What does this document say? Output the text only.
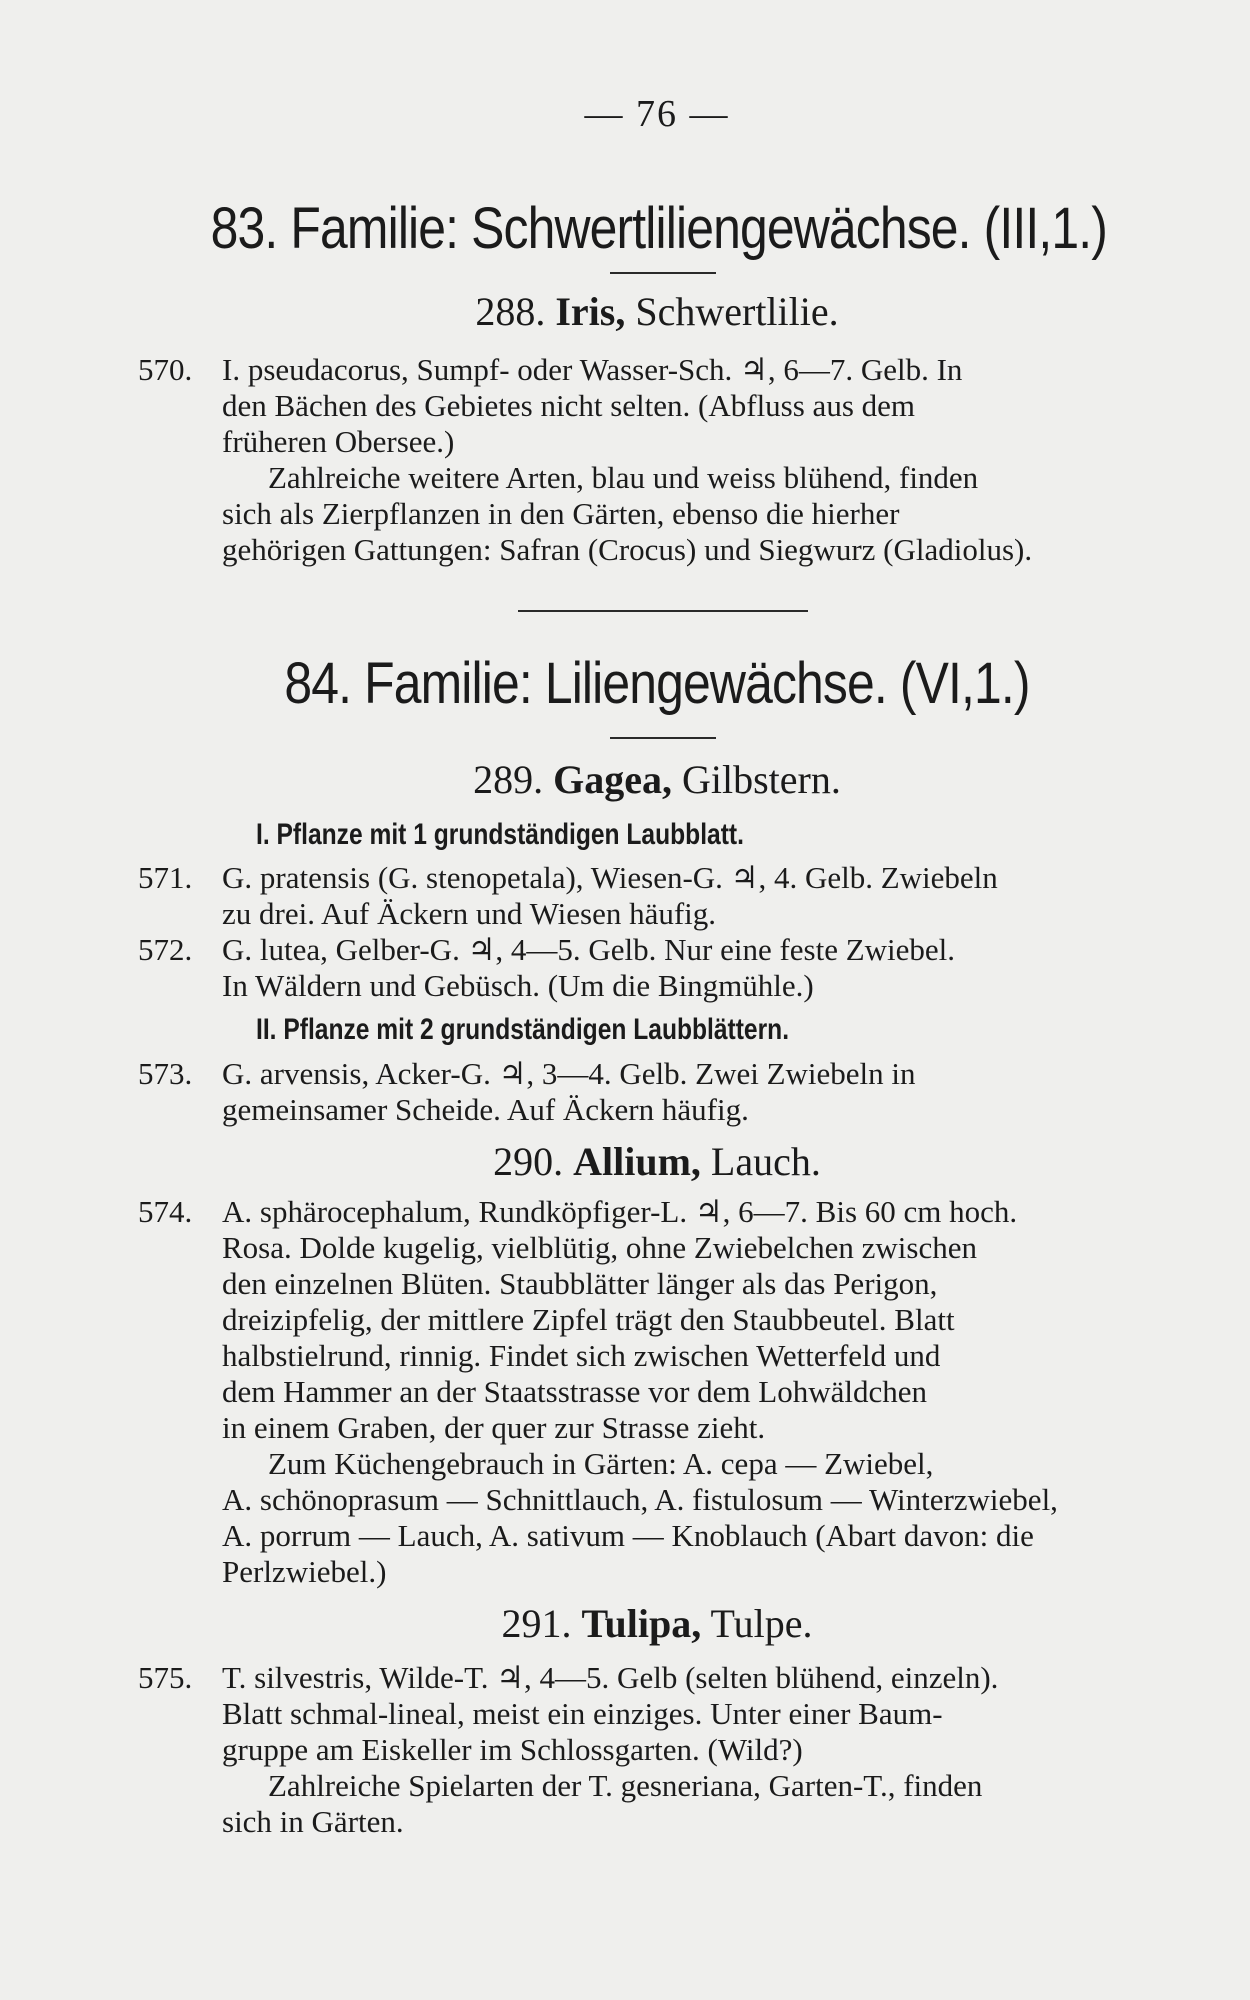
— 76 —
83. Familie: Schwertliliengewächse. (III,1.)
288. Iris, Schwertlilie.
570. I. pseudacorus, Sumpf- oder Wasser-Sch. ♃, 6—7. Gelb. In
den Bächen des Gebietes nicht selten. (Abfluss aus dem
früheren Obersee.)
Zahlreiche weitere Arten, blau und weiss blühend, finden
sich als Zierpflanzen in den Gärten, ebenso die hierher
gehörigen Gattungen: Safran (Crocus) und Siegwurz (Gladiolus).
84. Familie: Liliengewächse. (VI,1.)
289. Gagea, Gilbstern.
I. Pflanze mit 1 grundständigen Laubblatt.
571. G. pratensis (G. stenopetala), Wiesen-G. ♃, 4. Gelb. Zwiebeln
zu drei. Auf Äckern und Wiesen häufig.
572. G. lutea, Gelber-G. ♃, 4—5. Gelb. Nur eine feste Zwiebel.
In Wäldern und Gebüsch. (Um die Bingmühle.)
II. Pflanze mit 2 grundständigen Laubblättern.
573. G. arvensis, Acker-G. ♃, 3—4. Gelb. Zwei Zwiebeln in
gemeinsamer Scheide. Auf Äckern häufig.
290. Allium, Lauch.
574. A. sphärocephalum, Rundköpfiger-L. ♃, 6—7. Bis 60 cm hoch.
Rosa. Dolde kugelig, vielblütig, ohne Zwiebelchen zwischen
den einzelnen Blüten. Staubblätter länger als das Perigon,
dreizipfelig, der mittlere Zipfel trägt den Staubbeutel. Blatt
halbstielrund, rinnig. Findet sich zwischen Wetterfeld und
dem Hammer an der Staatsstrasse vor dem Lohwäldchen
in einem Graben, der quer zur Strasse zieht.
Zum Küchengebrauch in Gärten: A. cepa — Zwiebel,
A. schönoprasum — Schnittlauch, A. fistulosum — Winterzwiebel,
A. porrum — Lauch, A. sativum — Knoblauch (Abart davon: die
Perlzwiebel.)
291. Tulipa, Tulpe.
575. T. silvestris, Wilde-T. ♃, 4—5. Gelb (selten blühend, einzeln).
Blatt schmal-lineal, meist ein einziges. Unter einer Baum-
gruppe am Eiskeller im Schlossgarten. (Wild?)
Zahlreiche Spielarten der T. gesneriana, Garten-T., finden
sich in Gärten.
